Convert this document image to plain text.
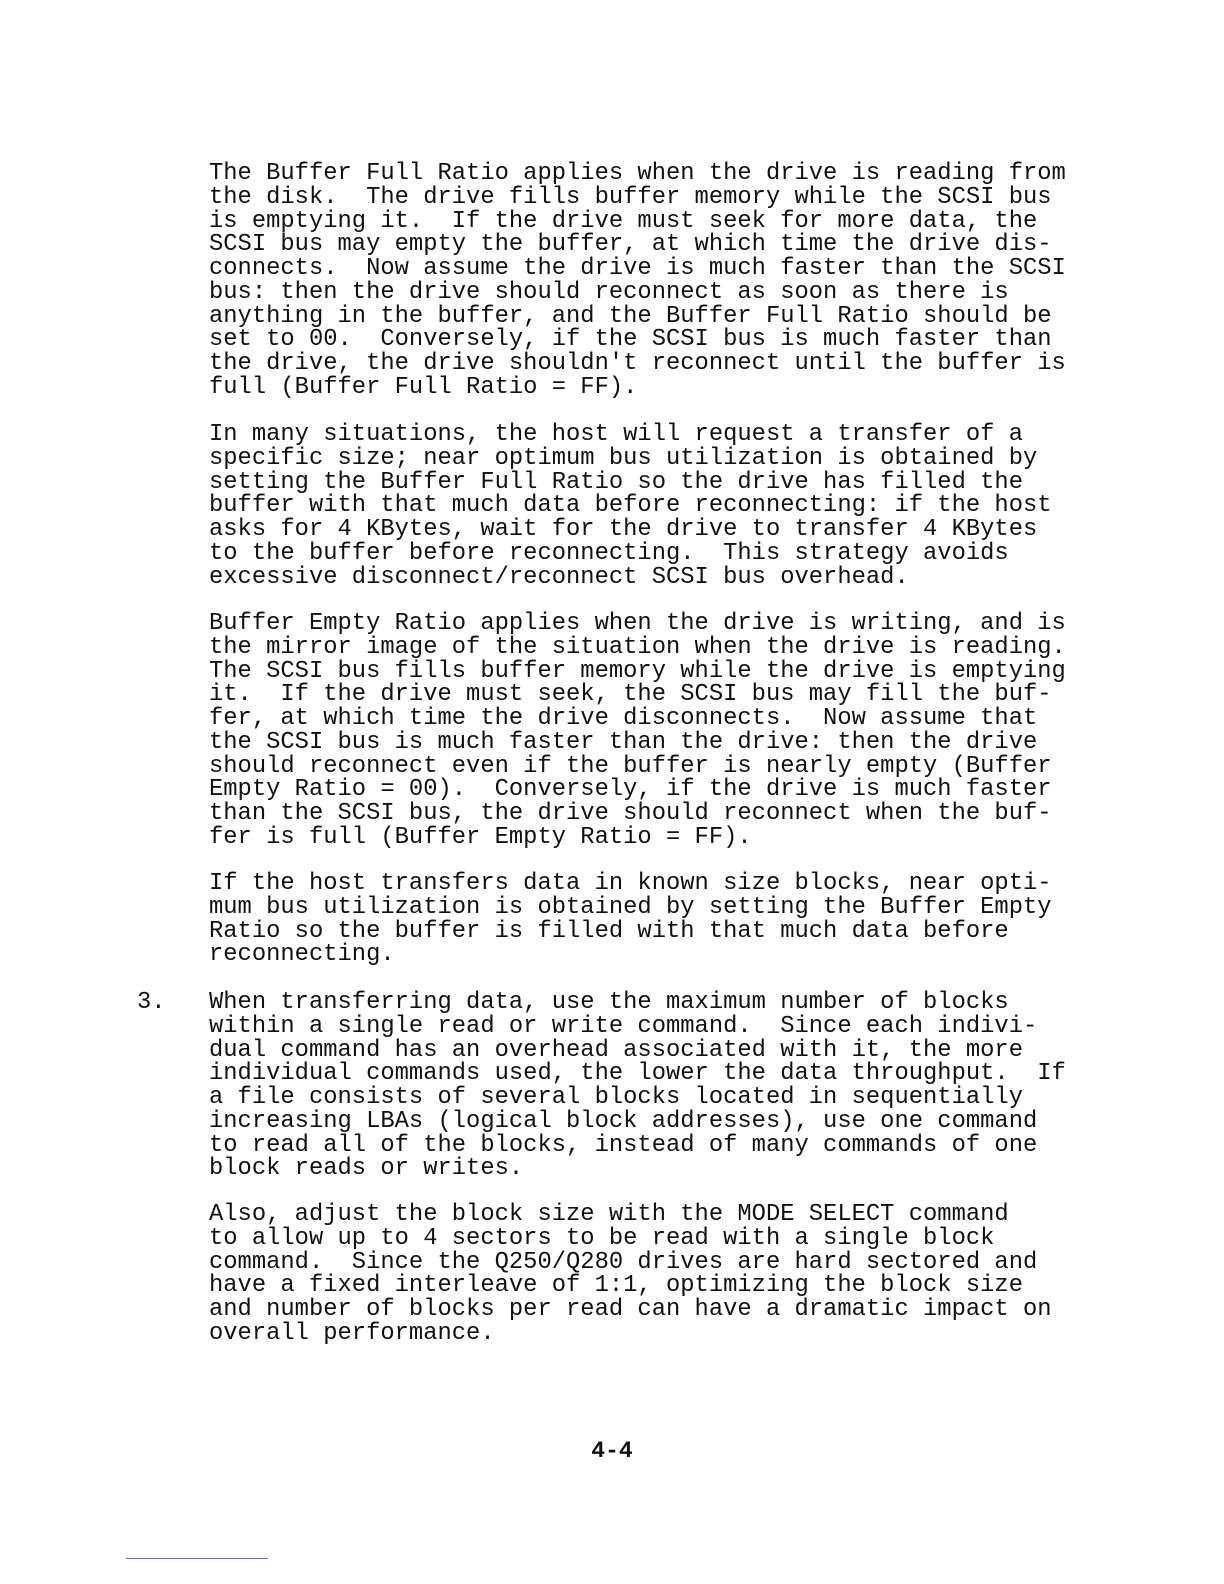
The Buffer Full Ratio applies when the drive is reading from
the disk.  The drive fills buffer memory while the SCSI bus
is emptying it.  If the drive must seek for more data, the
SCSI bus may empty the buffer, at which time the drive dis-
connects.  Now assume the drive is much faster than the SCSI
bus: then the drive should reconnect as soon as there is
anything in the buffer, and the Buffer Full Ratio should be
set to 00.  Conversely, if the SCSI bus is much faster than
the drive, the drive shouldn't reconnect until the buffer is
full (Buffer Full Ratio = FF).
In many situations, the host will request a transfer of a
specific size; near optimum bus utilization is obtained by
setting the Buffer Full Ratio so the drive has filled the
buffer with that much data before reconnecting: if the host
asks for 4 KBytes, wait for the drive to transfer 4 KBytes
to the buffer before reconnecting.  This strategy avoids
excessive disconnect/reconnect SCSI bus overhead.
Buffer Empty Ratio applies when the drive is writing, and is
the mirror image of the situation when the drive is reading.
The SCSI bus fills buffer memory while the drive is emptying
it.  If the drive must seek, the SCSI bus may fill the buf-
fer, at which time the drive disconnects.  Now assume that
the SCSI bus is much faster than the drive: then the drive
should reconnect even if the buffer is nearly empty (Buffer
Empty Ratio = 00).  Conversely, if the drive is much faster
than the SCSI bus, the drive should reconnect when the buf-
fer is full (Buffer Empty Ratio = FF).
If the host transfers data in known size blocks, near opti-
mum bus utilization is obtained by setting the Buffer Empty
Ratio so the buffer is filled with that much data before
reconnecting.
3. When transferring data, use the maximum number of blocks
within a single read or write command.  Since each indivi-
dual command has an overhead associated with it, the more
individual commands used, the lower the data throughput.  If
a file consists of several blocks located in sequentially
increasing LBAs (logical block addresses), use one command
to read all of the blocks, instead of many commands of one
block reads or writes.
Also, adjust the block size with the MODE SELECT command
to allow up to 4 sectors to be read with a single block
command.  Since the Q250/Q280 drives are hard sectored and
have a fixed interleave of 1:1, optimizing the block size
and number of blocks per read can have a dramatic impact on
overall performance.
4-4
